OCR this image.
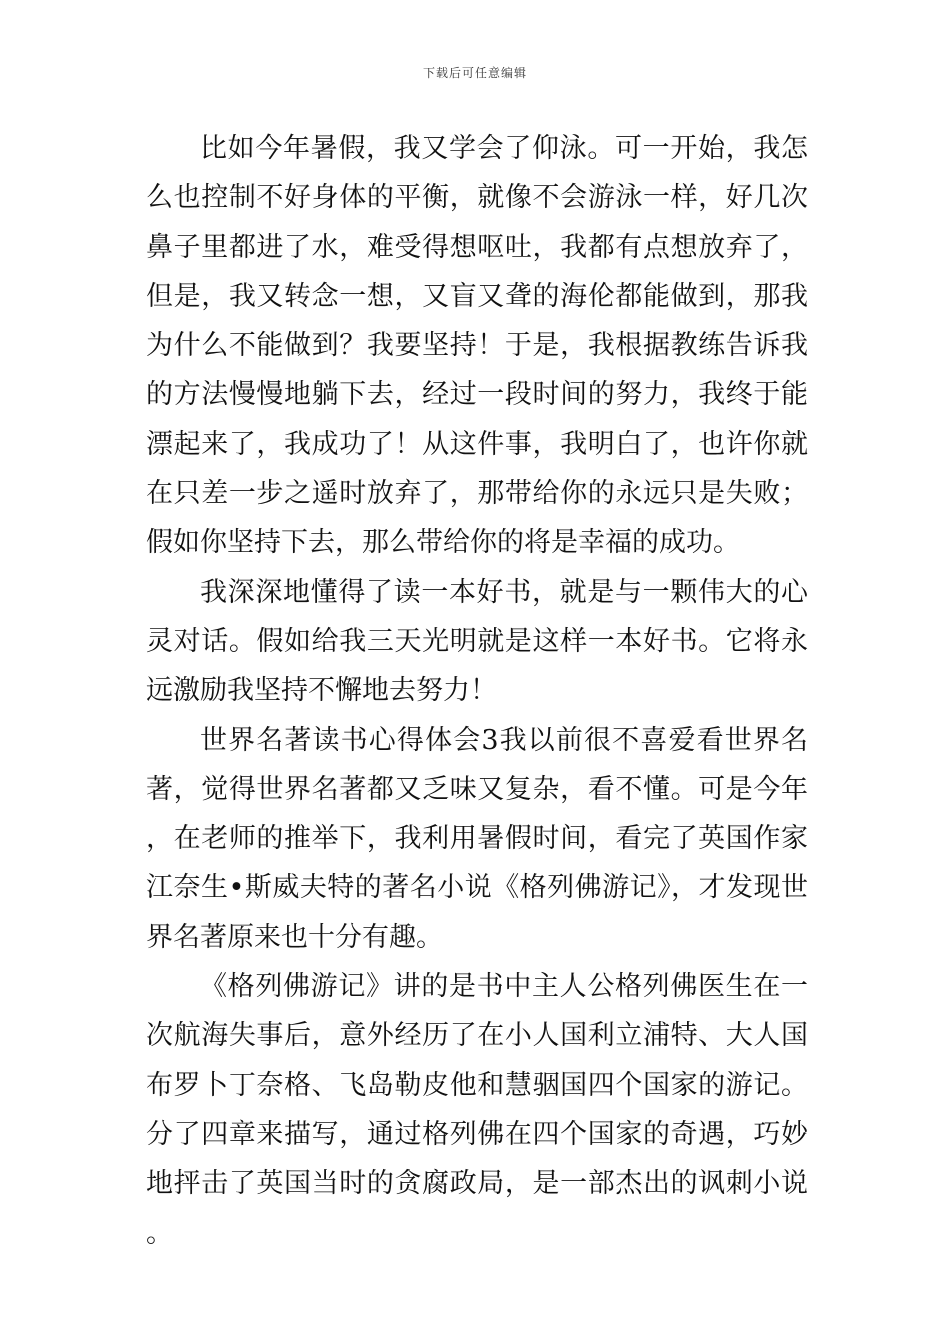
下载后可任意编辑

比如今年暑假，我又学会了仰泳。可一开始，我怎么也控制不好身体的平衡，就像不会游泳一样，好几次鼻子里都进了水，难受得想呕吐，我都有点想放弃了，但是，我又转念一想，又盲又聋的海伦都能做到，那我为什么不能做到？我要坚持！于是，我根据教练告诉我的方法慢慢地躺下去，经过一段时间的努力，我终于能漂起来了，我成功了！从这件事，我明白了，也许你就在只差一步之遥时放弃了，那带给你的永远只是失败；假如你坚持下去，那么带给你的将是幸福的成功。

我深深地懂得了读一本好书，就是与一颗伟大的心灵对话。假如给我三天光明就是这样一本好书。它将永远激励我坚持不懈地去努力！

世界名著读书心得体会3我以前很不喜爱看世界名著，觉得世界名著都又乏味又复杂，看不懂。可是今年，在老师的推举下，我利用暑假时间，看完了英国作家江奈生•斯威夫特的著名小说《格列佛游记》，才发现世界名著原来也十分有趣。

《格列佛游记》讲的是书中主人公格列佛医生在一次航海失事后，意外经历了在小人国利立浦特、大人国布罗卜丁奈格、飞岛勒皮他和慧骃国四个国家的游记。分了四章来描写，通过格列佛在四个国家的奇遇，巧妙地抨击了英国当时的贪腐政局，是一部杰出的讽刺小说。
